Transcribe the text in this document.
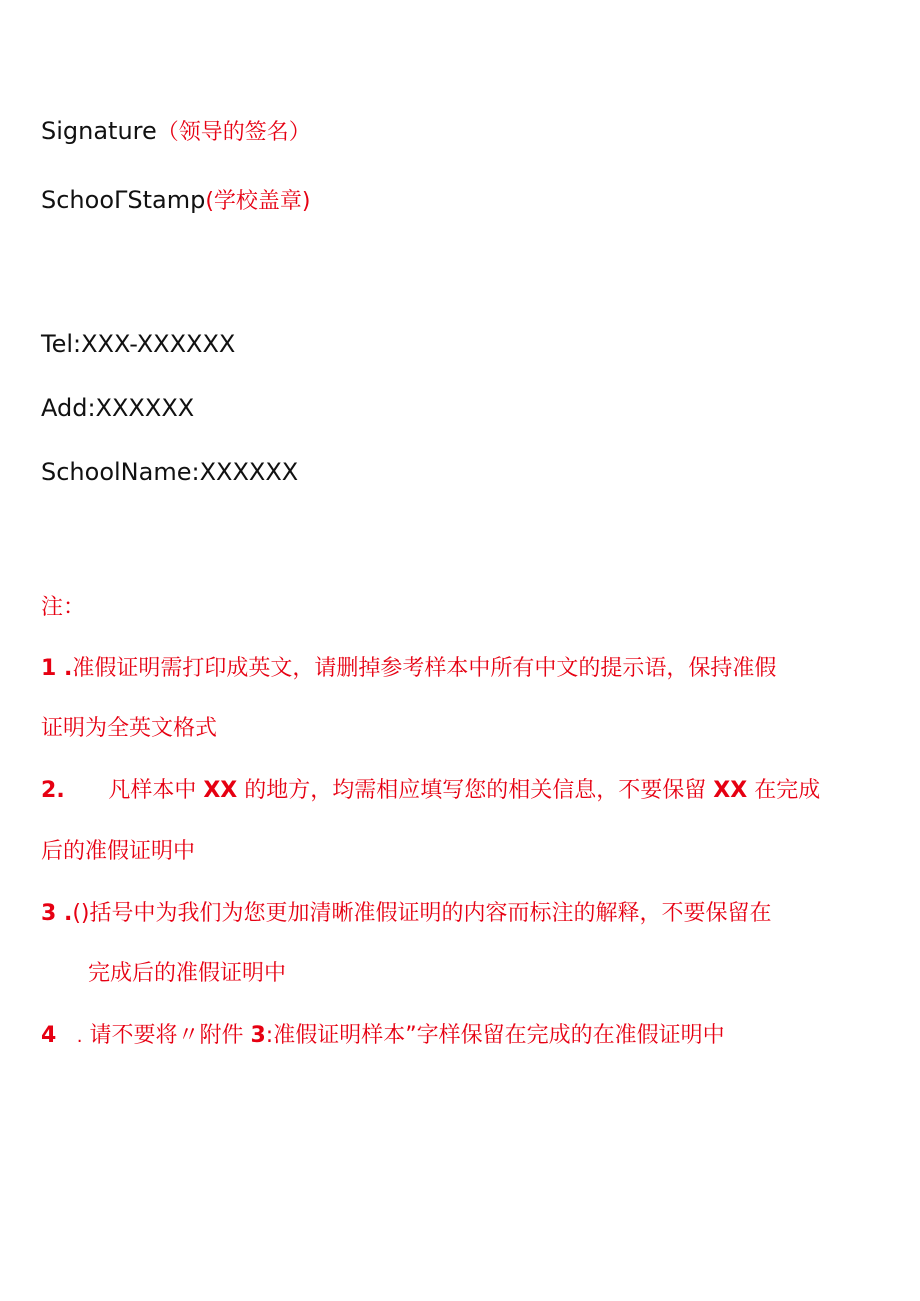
Signature（领导的签名）
SchooΓStamp(学校盖章)
Tel:XXX-XXXXXX
Add:XXXXXX
SchoolName:XXXXXX
注：
1 .准假证明需打印成英文，请删掉参考样本中所有中文的提示语，保持准假
证明为全英文格式
2. 凡样本中 XX 的地方，均需相应填写您的相关信息，不要保留 XX 在完成
后的准假证明中
3 .()括号中为我们为您更加清晰准假证明的内容而标注的解释，不要保留在
完成后的准假证明中
4 . 请不要将〃附件 3:准假证明样本”字样保留在完成的在准假证明中
